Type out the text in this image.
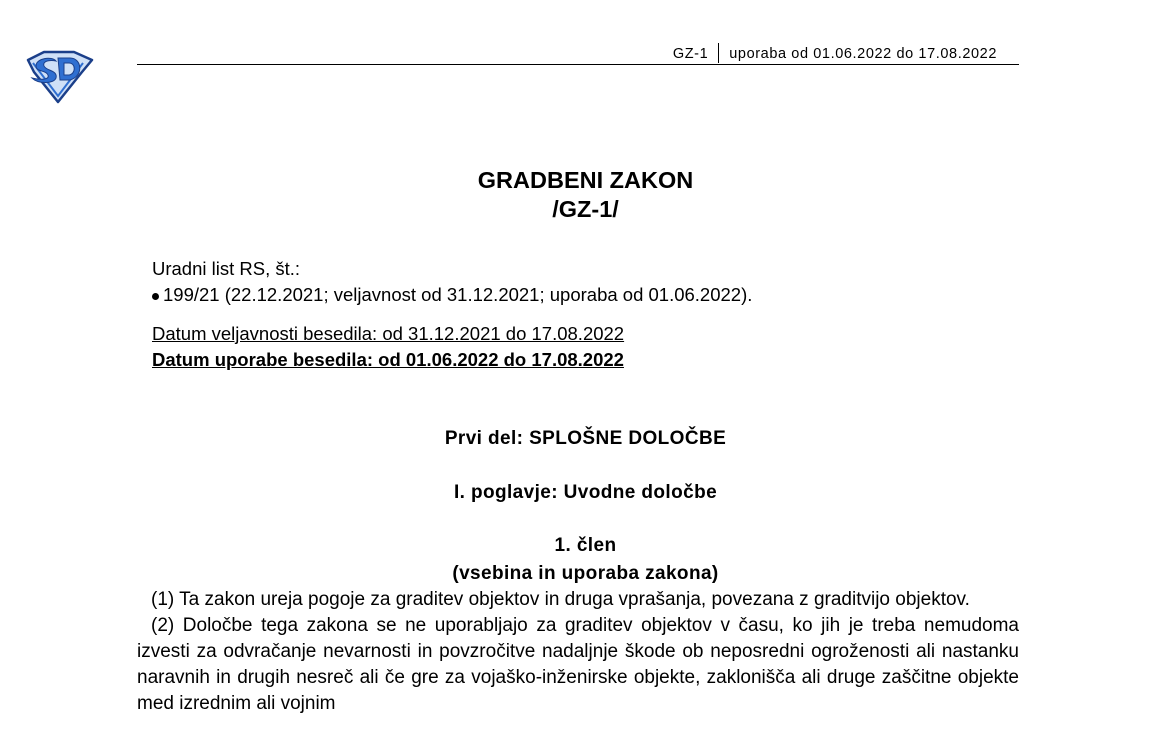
GZ-1 uporaba od 01.06.2022 do 17.08.2022
GRADBENI ZAKON
/GZ-1/
Uradni list RS, št.:
199/21 (22.12.2021; veljavnost od 31.12.2021; uporaba od 01.06.2022).
Datum veljavnosti besedila: od 31.12.2021 do 17.08.2022
Datum uporabe besedila: od 01.06.2022 do 17.08.2022
Prvi del: SPLOŠNE DOLOČBE
I. poglavje: Uvodne določbe
1. člen
(vsebina in uporaba zakona)

(1) Ta zakon ureja pogoje za graditev objektov in druga vprašanja, povezana z graditvijo objektov.

(2) Določbe tega zakona se ne uporabljajo za graditev objektov v času, ko jih je treba nemudoma izvesti za odvračanje nevarnosti in povzročitve nadaljnje škode ob neposredni ogroženosti ali nastanku naravnih in drugih nesreč ali če gre za vojaško-inženirske objekte, zaklonišča ali druge zaščitne objekte med izrednim ali vojnim
